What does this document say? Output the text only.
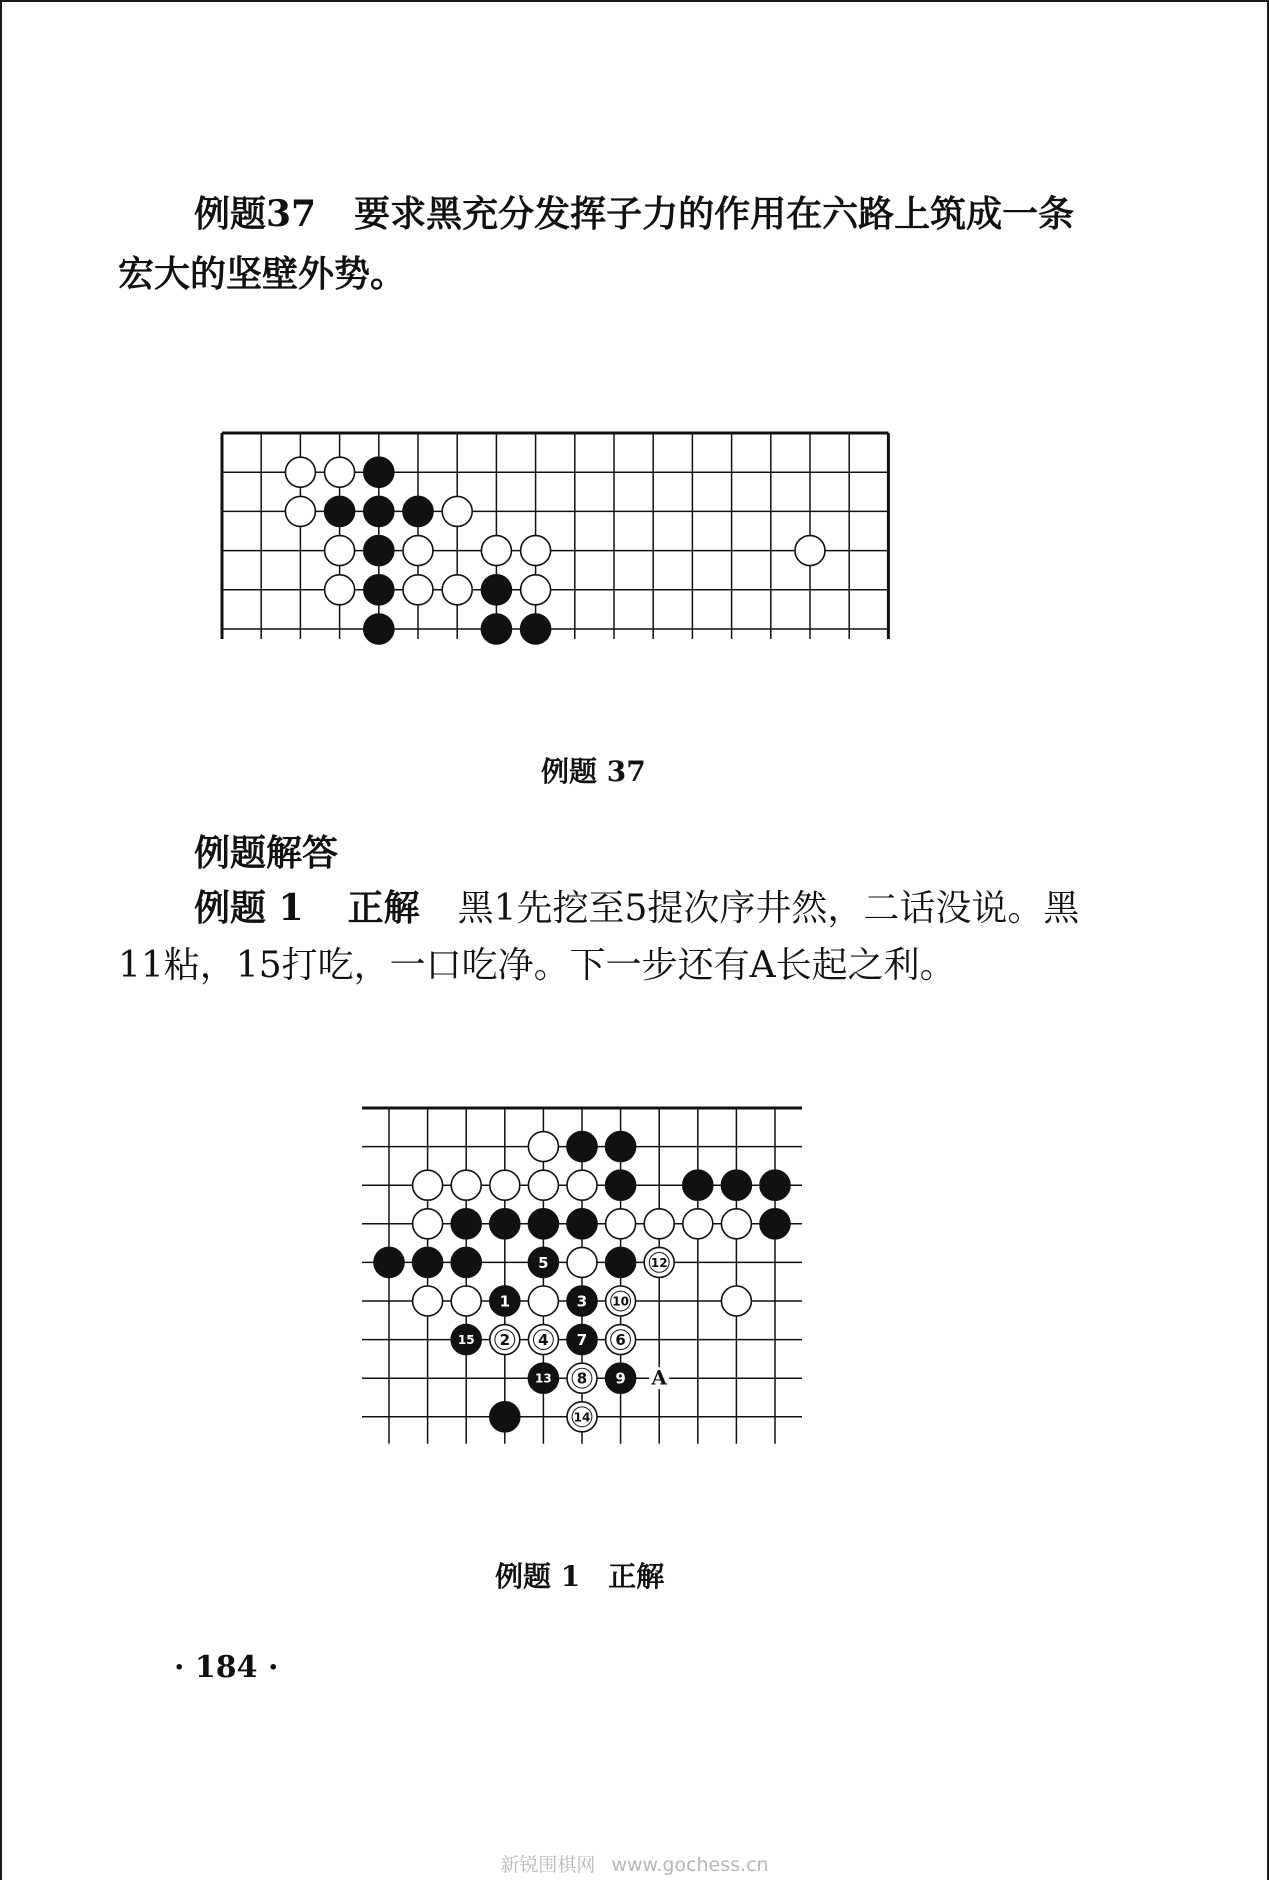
例题37 要求黑充分发挥子力的作用在六路上筑成一条
宏大的坚壁外势。
例题 37
例题解答
例题 1 正解 黑1先挖至5提次序井然，二话没说。黑
11粘，15打吃，一口吃净。下一步还有A长起之利。
1
2
3
4
5
6
7
8 9
10
12
13
14
15
A
例题 1　正解
· 184 ·
新锐围棋网 www.gochess.cn
